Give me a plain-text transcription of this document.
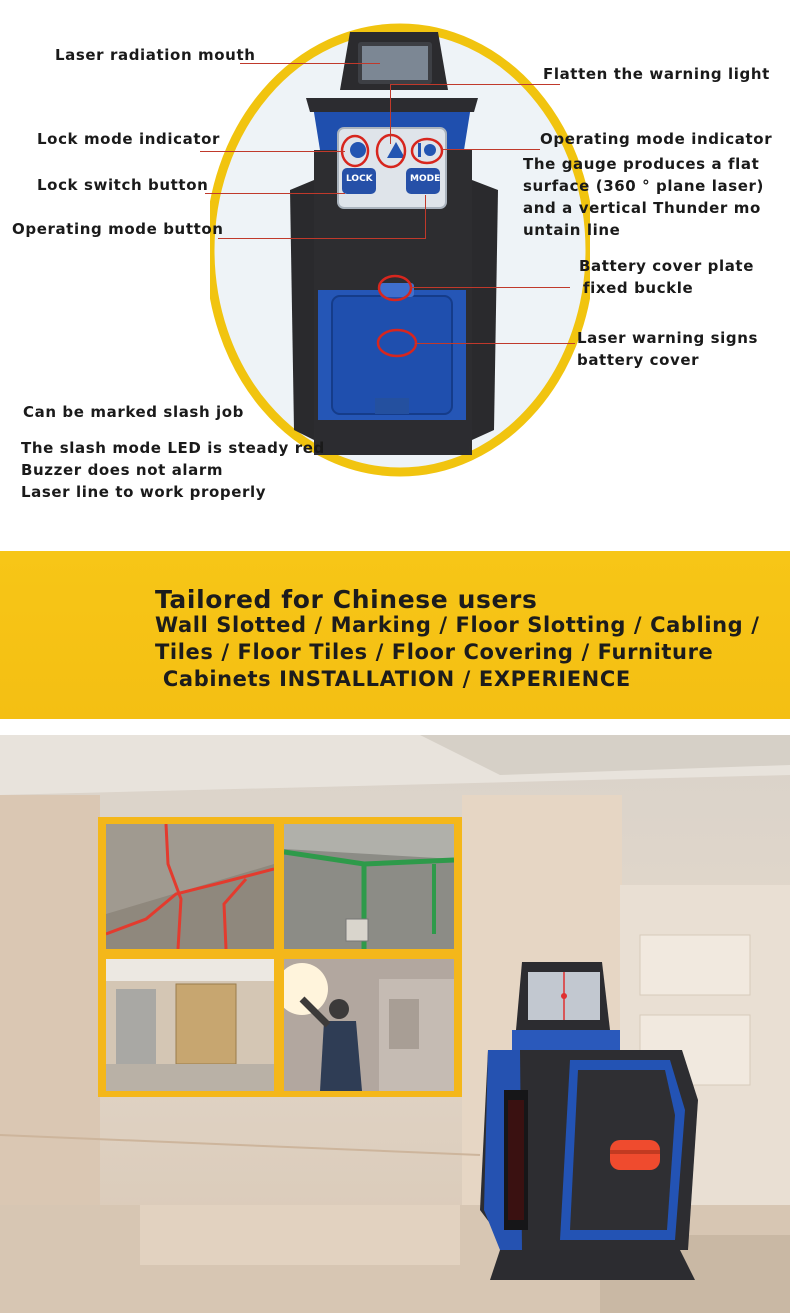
LOCK	MODE
Laser radiation mouth
Flatten the warning light
Lock mode indicator	Operating mode indicator
The gauge produces a flat
surface (360 ° plane laser)
and a vertical Thunder mo
untain line
Lock switch button
Operating mode button
Battery cover plate
fixed buckle
Laser warning signs
battery cover
Can be marked slash job
The slash mode LED is steady red
Buzzer does not alarm
Laser line to work properly
Tailored for Chinese users
Wall Slotted / Marking / Floor Slotting / Cabling /
Tiles / Floor Tiles / Floor Covering / Furniture
Cabinets INSTALLATION / EXPERIENCE
